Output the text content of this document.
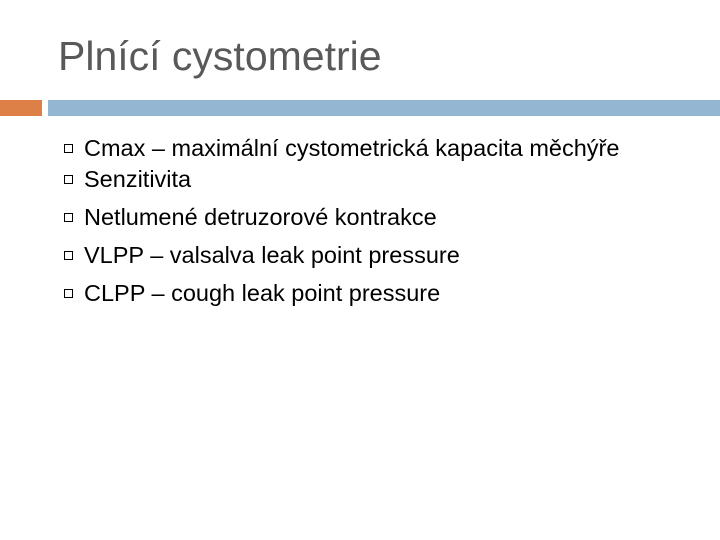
Plnící cystometrie
Cmax – maximální cystometrická kapacita měchýře
Senzitivita
Netlumené detruzorové kontrakce
VLPP – valsalva leak point pressure
CLPP – cough leak point pressure
